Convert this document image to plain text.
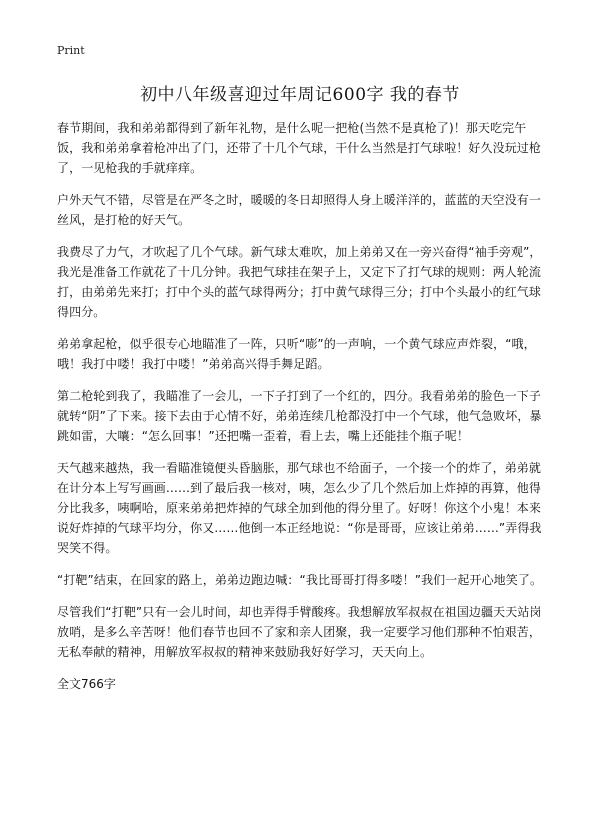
Print
初中八年级喜迎过年周记600字 我的春节

春节期间，我和弟弟都得到了新年礼物，是什么呢一把枪(当然不是真枪了)！那天吃完午饭，我和弟弟拿着枪冲出了门，还带了十几个气球，干什么当然是打气球啦！好久没玩过枪了，一见枪我的手就痒痒。

户外天气不错，尽管是在严冬之时，暖暖的冬日却照得人身上暖洋洋的，蓝蓝的天空没有一丝风，是打枪的好天气。

我费尽了力气，才吹起了几个气球。新气球太难吹，加上弟弟又在一旁兴奋得“袖手旁观”，我光是准备工作就花了十几分钟。我把气球挂在架子上，又定下了打气球的规则：两人轮流打，由弟弟先来打；打中个头的蓝气球得两分；打中黄气球得三分；打中个头最小的红气球得四分。

弟弟拿起枪，似乎很专心地瞄准了一阵，只听“嘭”的一声响，一个黄气球应声炸裂，“哦，哦！我打中喽！我打中喽！”弟弟高兴得手舞足蹈。

第二枪轮到我了，我瞄准了一会儿，一下子打到了一个红的，四分。我看弟弟的脸色一下子就转“阴”了下来。接下去由于心情不好，弟弟连续几枪都没打中一个气球，他气急败坏，暴跳如雷，大嚷：“怎么回事！”还把嘴一歪着，看上去，嘴上还能挂个瓶子呢！

天气越来越热，我一看瞄准镜便头昏脑胀，那气球也不给面子，一个接一个的炸了，弟弟就在计分本上写写画画……到了最后我一核对，咦，怎么少了几个然后加上炸掉的再算，他得分比我多，咦啊哈，原来弟弟把炸掉的气球全加到他的得分里了。好呀！你这个小鬼！本来说好炸掉的气球平均分，你又……他倒一本正经地说：“你是哥哥，应该让弟弟……”弄得我哭笑不得。

“打靶”结束，在回家的路上，弟弟边跑边喊：“我比哥哥打得多喽！”我们一起开心地笑了。

尽管我们“打靶”只有一会儿时间，却也弄得手臂酸疼。我想解放军叔叔在祖国边疆天天站岗放哨，是多么辛苦呀！他们春节也回不了家和亲人团聚，我一定要学习他们那种不怕艰苦，无私奉献的精神，用解放军叔叔的精神来鼓励我好好学习，天天向上。

全文766字
